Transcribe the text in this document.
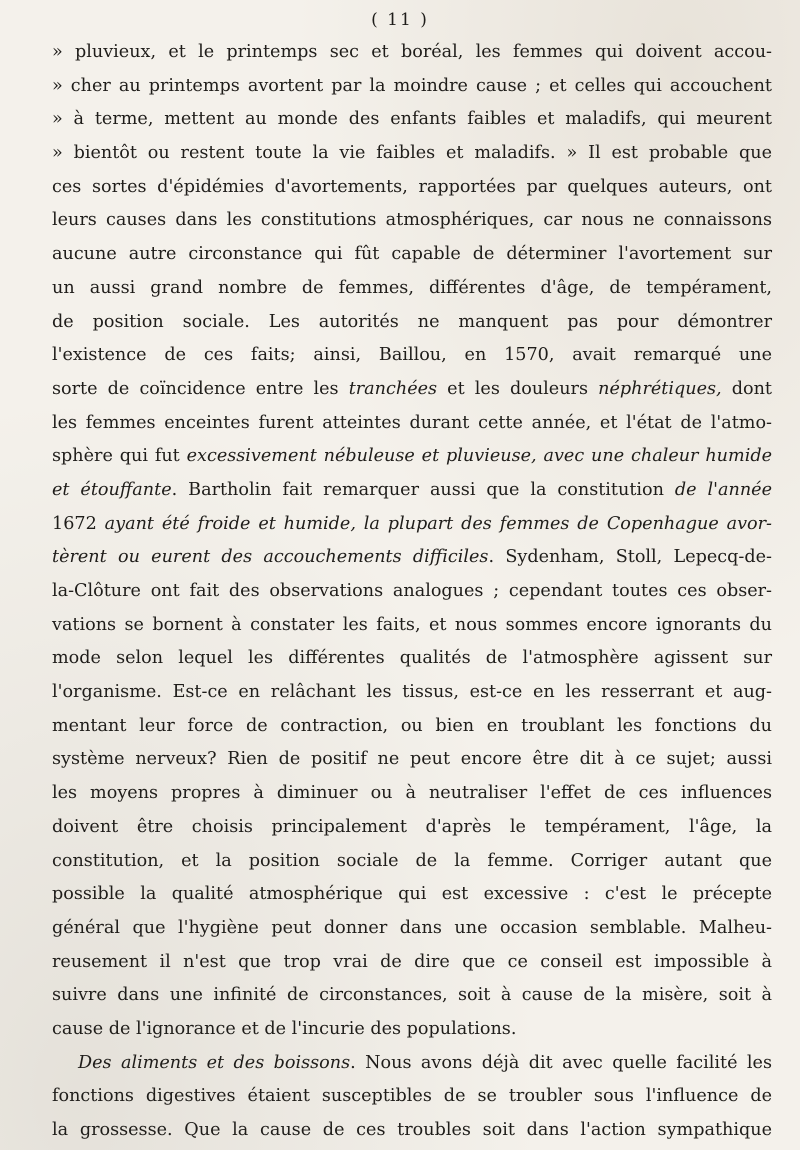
( 11 )
» pluvieux, et le printemps sec et boréal, les femmes qui doivent accou-
» cher au printemps avortent par la moindre cause ; et celles qui accouchent
» à terme, mettent au monde des enfants faibles et maladifs, qui meurent
» bientôt ou restent toute la vie faibles et maladifs. » Il est probable que
ces sortes d'épidémies d'avortements, rapportées par quelques auteurs, ont
leurs causes dans les constitutions atmosphériques, car nous ne connaissons
aucune autre circonstance qui fût capable de déterminer l'avortement sur
un aussi grand nombre de femmes, différentes d'âge, de tempérament,
de position sociale. Les autorités ne manquent pas pour démontrer
l'existence de ces faits; ainsi, Baillou, en 1570, avait remarqué une
sorte de coïncidence entre les tranchées et les douleurs néphrétiques, dont
les femmes enceintes furent atteintes durant cette année, et l'état de l'atmo-
sphère qui fut excessivement nébuleuse et pluvieuse, avec une chaleur humide
et étouffante. Bartholin fait remarquer aussi que la constitution de l'année
1672 ayant été froide et humide, la plupart des femmes de Copenhague avor-
tèrent ou eurent des accouchements difficiles. Sydenham, Stoll, Lepecq-de-
la-Clôture ont fait des observations analogues ; cependant toutes ces obser-
vations se bornent à constater les faits, et nous sommes encore ignorants du
mode selon lequel les différentes qualités de l'atmosphère agissent sur
l'organisme. Est-ce en relâchant les tissus, est-ce en les resserrant et aug-
mentant leur force de contraction, ou bien en troublant les fonctions du
système nerveux? Rien de positif ne peut encore être dit à ce sujet; aussi
les moyens propres à diminuer ou à neutraliser l'effet de ces influences
doivent être choisis principalement d'après le tempérament, l'âge, la
constitution, et la position sociale de la femme. Corriger autant que
possible la qualité atmosphérique qui est excessive : c'est le précepte
général que l'hygiène peut donner dans une occasion semblable. Malheu-
reusement il n'est que trop vrai de dire que ce conseil est impossible à
suivre dans une infinité de circonstances, soit à cause de la misère, soit à
cause de l'ignorance et de l'incurie des populations.
Des aliments et des boissons. Nous avons déjà dit avec quelle facilité les
fonctions digestives étaient susceptibles de se troubler sous l'influence de
la grossesse. Que la cause de ces troubles soit dans l'action sympathique
